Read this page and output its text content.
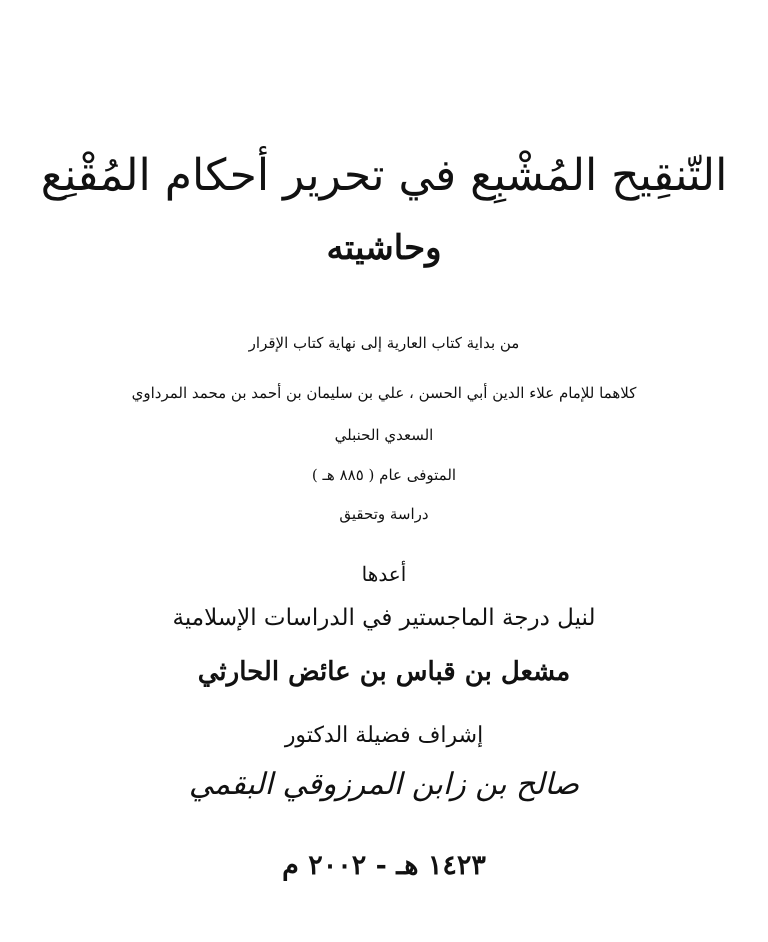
التّنقِيح المُشْبِع في تحرير أحكام المُقْنِع
وحاشيته
من بداية كتاب العارية إلى نهاية كتاب الإقرار
كلاهما للإمام علاء الدين أبي الحسن ، علي بن سليمان بن أحمد بن محمد المرداوي
السعدي الحنبلي
المتوفى عام ( ٨٨٥ هـ )
دراسة وتحقيق
أعدها
لنيل درجة الماجستير في الدراسات الإسلامية
مشعل بن قباس بن عائض الحارثي
إشراف فضيلة الدكتور
صالح بن زابن المرزوقي البقمي
١٤٢٣ هـ - ٢٠٠٢ م
